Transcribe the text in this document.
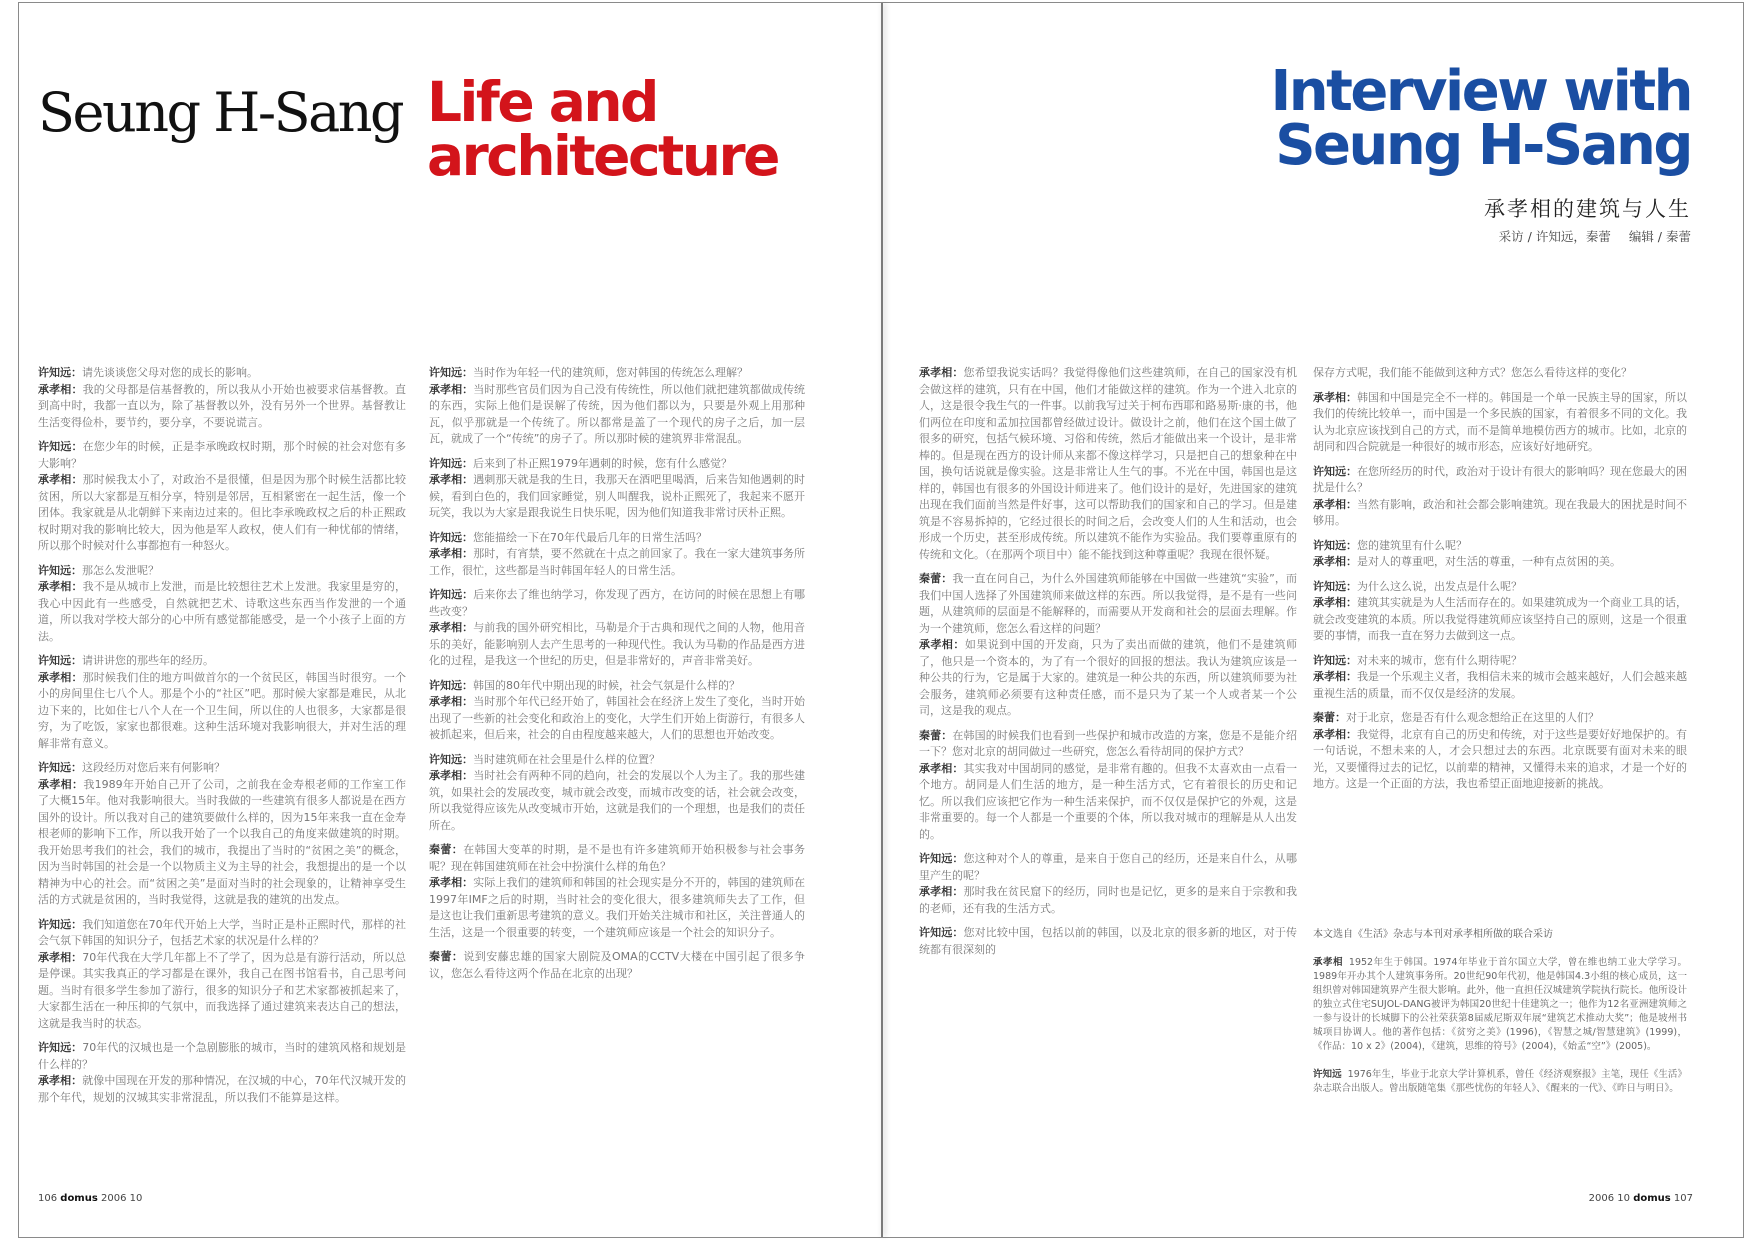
Seung H-Sang Life and
architecture
Interview with
Seung H-Sang
承孝相的建筑与人生
采访 / 许知远，秦蕾 编辑 / 秦蕾

许知远：请先谈谈您父母对您的成长的影响。

承孝相：我的父母都是信基督教的，所以我从小开始也被要求信基督教。直到高中时，我都一直以为，除了基督教以外，没有另外一个世界。基督教让生活变得俭朴，要节约，要分享，不要说谎言。

许知远：在您少年的时候，正是李承晚政权时期，那个时候的社会对您有多大影响？

承孝相：那时候我太小了，对政治不是很懂，但是因为那个时候生活都比较贫困，所以大家都是互相分享，特别是邻居，互相紧密在一起生活，像一个团体。我家就是从北朝鲜下来南边过来的。但比李承晚政权之后的朴正熙政权时期对我的影响比较大，因为他是军人政权，使人们有一种忧郁的情绪，所以那个时候对什么事都抱有一种怒火。

许知远：那怎么发泄呢？

承孝相：我不是从城市上发泄，而是比较想往艺术上发泄。我家里是穷的，我心中因此有一些感受，自然就把艺术、诗歌这些东西当作发泄的一个通道，所以我对学校大部分的心中所有感觉都能感受，是一个小孩子上面的方法。

许知远：请讲讲您的那些年的经历。

承孝相：那时候我们住的地方叫做首尔的一个贫民区，韩国当时很穷。一个小的房间里住七八个人。那是个小的“社区”吧。那时候大家都是难民，从北边下来的，比如住七八个人在一个卫生间，所以住的人也很多，大家都是很穷，为了吃饭，家家也都很难。这种生活环境对我影响很大，并对生活的理解非常有意义。

许知远：这段经历对您后来有何影响？

承孝相：我1989年开始自己开了公司，之前我在金寿根老师的工作室工作了大概15年。他对我影响很大。当时我做的一些建筑有很多人都说是在西方国外的设计。所以我对自己的建筑要做什么样的，因为15年来我一直在金寿根老师的影响下工作，所以我开始了一个以我自己的角度来做建筑的时期。我开始思考我们的社会，我们的城市，我提出了当时的“贫困之美”的概念，因为当时韩国的社会是一个以物质主义为主导的社会，我想提出的是一个以精神为中心的社会。而“贫困之美”是面对当时的社会现象的，让精神享受生活的方式就是贫困的，当时我觉得，这就是我的建筑的出发点。

许知远：我们知道您在70年代开始上大学，当时正是朴正熙时代，那样的社会气氛下韩国的知识分子，包括艺术家的状况是什么样的？

承孝相：70年代我在大学几年都上不了学了，因为总是有游行活动，所以总是停课。其实我真正的学习都是在课外，我自己在图书馆看书，自己思考问题。当时有很多学生参加了游行，很多的知识分子和艺术家都被抓起来了，大家都生活在一种压抑的气氛中，而我选择了通过建筑来表达自己的想法，这就是我当时的状态。

许知远：70年代的汉城也是一个急剧膨胀的城市，当时的建筑风格和规划是什么样的？

承孝相：就像中国现在开发的那种情况，在汉城的中心，70年代汉城开发的那个年代，规划的汉城其实非常混乱，所以我们不能算是这样。

许知远：当时作为年轻一代的建筑师，您对韩国的传统怎么理解？

承孝相：当时那些官员们因为自己没有传统性，所以他们就把建筑都做成传统的东西，实际上他们是误解了传统，因为他们都以为，只要是外观上用那种瓦，似乎那就是一个传统了。所以都常是盖了一个现代的房子之后，加一层瓦，就成了一个“传统”的房子了。所以那时候的建筑界非常混乱。

许知远：后来到了朴正熙1979年遇刺的时候，您有什么感觉？

承孝相：遇刺那天就是我的生日，我那天在酒吧里喝酒，后来告知他遇刺的时候，看到白色的，我们回家睡觉，别人叫醒我，说朴正熙死了，我起来不愿开玩笑，我以为大家是跟我说生日快乐呢，因为他们知道我非常讨厌朴正熙。

许知远：您能描绘一下在70年代最后几年的日常生活吗？

承孝相：那时，有宵禁，要不然就在十点之前回家了。我在一家大建筑事务所工作，很忙，这些都是当时韩国年轻人的日常生活。

许知远：后来你去了维也纳学习，你发现了西方，在访问的时候在思想上有哪些改变？

承孝相：与前我的国外研究相比，马勒是介于古典和现代之间的人物，他用音乐的美好，能影响别人去产生思考的一种现代性。我认为马勒的作品是西方进化的过程，是我这一个世纪的历史，但是非常好的，声音非常美好。

许知远：韩国的80年代中期出现的时候，社会气氛是什么样的？

承孝相：当时那个年代已经开始了，韩国社会在经济上发生了变化，当时开始出现了一些新的社会变化和政治上的变化，大学生们开始上街游行，有很多人被抓起来，但后来，社会的自由程度越来越大，人们的思想也开始改变。

许知远：当时建筑师在社会里是什么样的位置？

承孝相：当时社会有两种不同的趋向，社会的发展以个人为主了。我的那些建筑，如果社会的发展改变，城市就会改变，而城市改变的话，社会就会改变，所以我觉得应该先从改变城市开始，这就是我们的一个理想，也是我们的责任所在。

秦蕾：在韩国大变革的时期，是不是也有许多建筑师开始积极参与社会事务呢？现在韩国建筑师在社会中扮演什么样的角色？

承孝相：实际上我们的建筑师和韩国的社会现实是分不开的，韩国的建筑师在1997年IMF之后的时期，当时社会的变化很大，很多建筑师失去了工作，但是这也让我们重新思考建筑的意义。我们开始关注城市和社区，关注普通人的生活，这是一个很重要的转变，一个建筑师应该是一个社会的知识分子。

秦蕾：说到安藤忠雄的国家大剧院及OMA的CCTV大楼在中国引起了很多争议，您怎么看待这两个作品在北京的出现？

承孝相：您希望我说实话吗？我觉得像他们这些建筑师，在自己的国家没有机会做这样的建筑，只有在中国，他们才能做这样的建筑。作为一个进入北京的人，这是很令我生气的一件事。以前我写过关于柯布西耶和路易斯·康的书，他们两位在印度和孟加拉国都曾经做过设计。做设计之前，他们在这个国土做了很多的研究，包括气候环境、习俗和传统，然后才能做出来一个设计，是非常棒的。但是现在西方的设计师从来都不像这样学习，只是把自己的想象种在中国，换句话说就是像实验。这是非常让人生气的事。不光在中国，韩国也是这样的，韩国也有很多的外国设计师进来了。他们设计的是好，先进国家的建筑出现在我们面前当然是件好事，这可以帮助我们的国家和自己的学习。但是建筑是不容易拆掉的，它经过很长的时间之后，会改变人们的人生和活动，也会形成一个历史，甚至形成传统。所以建筑不能作为实验品。我们要尊重原有的传统和文化。（在那两个项目中）能不能找到这种尊重呢？我现在很怀疑。

秦蕾：我一直在问自己，为什么外国建筑师能够在中国做一些建筑“实验”，而我们中国人选择了外国建筑师来做这样的东西。所以我觉得，是不是有一些问题，从建筑师的层面是不能解释的，而需要从开发商和社会的层面去理解。作为一个建筑师，您怎么看这样的问题？

承孝相：如果说到中国的开发商，只为了卖出而做的建筑，他们不是建筑师了，他只是一个资本的，为了有一个很好的回报的想法。我认为建筑应该是一种公共的行为，它是属于大家的。建筑是一种公共的东西，所以建筑师要为社会服务，建筑师必须要有这种责任感，而不是只为了某一个人或者某一个公司，这是我的观点。

秦蕾：在韩国的时候我们也看到一些保护和城市改造的方案，您是不是能介绍一下？您对北京的胡同做过一些研究，您怎么看待胡同的保护方式？

承孝相：其实我对中国胡同的感觉，是非常有趣的。但我不太喜欢由一点看一个地方。胡同是人们生活的地方，是一种生活方式，它有着很长的历史和记忆。所以我们应该把它作为一种生活来保护，而不仅仅是保护它的外观，这是非常重要的。每一个人都是一个重要的个体，所以我对城市的理解是从人出发的。

许知远：您这种对个人的尊重，是来自于您自己的经历，还是来自什么，从哪里产生的呢？

承孝相：那时我在贫民窟下的经历，同时也是记忆，更多的是来自于宗教和我的老师，还有我的生活方式。

许知远：您对比较中国，包括以前的韩国，以及北京的很多新的地区，对于传统都有很深刻的

保存方式呢，我们能不能做到这种方式？您怎么看待这样的变化？

承孝相：韩国和中国是完全不一样的。韩国是一个单一民族主导的国家，所以我们的传统比较单一，而中国是一个多民族的国家，有着很多不同的文化。我认为北京应该找到自己的方式，而不是简单地模仿西方的城市。比如，北京的胡同和四合院就是一种很好的城市形态，应该好好地研究。

许知远：在您所经历的时代，政治对于设计有很大的影响吗？现在您最大的困扰是什么？

承孝相：当然有影响，政治和社会都会影响建筑。现在我最大的困扰是时间不够用。

许知远：您的建筑里有什么呢？

承孝相：是对人的尊重吧，对生活的尊重，一种有点贫困的美。

许知远：为什么这么说，出发点是什么呢？

承孝相：建筑其实就是为人生活而存在的。如果建筑成为一个商业工具的话，就会改变建筑的本质。所以我觉得建筑师应该坚持自己的原则，这是一个很重要的事情，而我一直在努力去做到这一点。

许知远：对未来的城市，您有什么期待呢？

承孝相：我是一个乐观主义者，我相信未来的城市会越来越好，人们会越来越重视生活的质量，而不仅仅是经济的发展。

秦蕾：对于北京，您是否有什么观念想给正在这里的人们？

承孝相：我觉得，北京有自己的历史和传统，对于这些是要好好地保护的。有一句话说，不想未来的人，才会只想过去的东西。北京既要有面对未来的眼光，又要懂得过去的记忆，以前辈的精神，又懂得未来的追求，才是一个好的地方。这是一个正面的方法，我也希望正面地迎接新的挑战。

本文选自《生活》杂志与本刊对承孝相所做的联合采访
承孝相 1952年生于韩国。1974年毕业于首尔国立大学，曾在维也纳工业大学学习。1989年开办其个人建筑事务所。20世纪90年代初，他是韩国4.3小组的核心成员，这一组织曾对韩国建筑界产生很大影响。此外，他一直担任汉城建筑学院执行院长。他所设计的独立式住宅SUJOL-DANG被评为韩国20世纪十佳建筑之一；他作为12名亚洲建筑师之一参与设计的长城脚下的公社荣获第8届威尼斯双年展“建筑艺术推动大奖”；他是坡州书城项目协调人。他的著作包括：《贫穷之美》(1996)，《智慧之城/智慧建筑》(1999)，《作品：10 x 2》(2004)，《建筑，思维的符号》(2004)，《始孟“空”》(2005)。
许知远 1976年生，毕业于北京大学计算机系，曾任《经济观察报》主笔，现任《生活》杂志联合出版人。曾出版随笔集《那些忧伤的年轻人》、《醒来的一代》、《昨日与明日》。
106 domus 2006 10	2006 10 domus 107
